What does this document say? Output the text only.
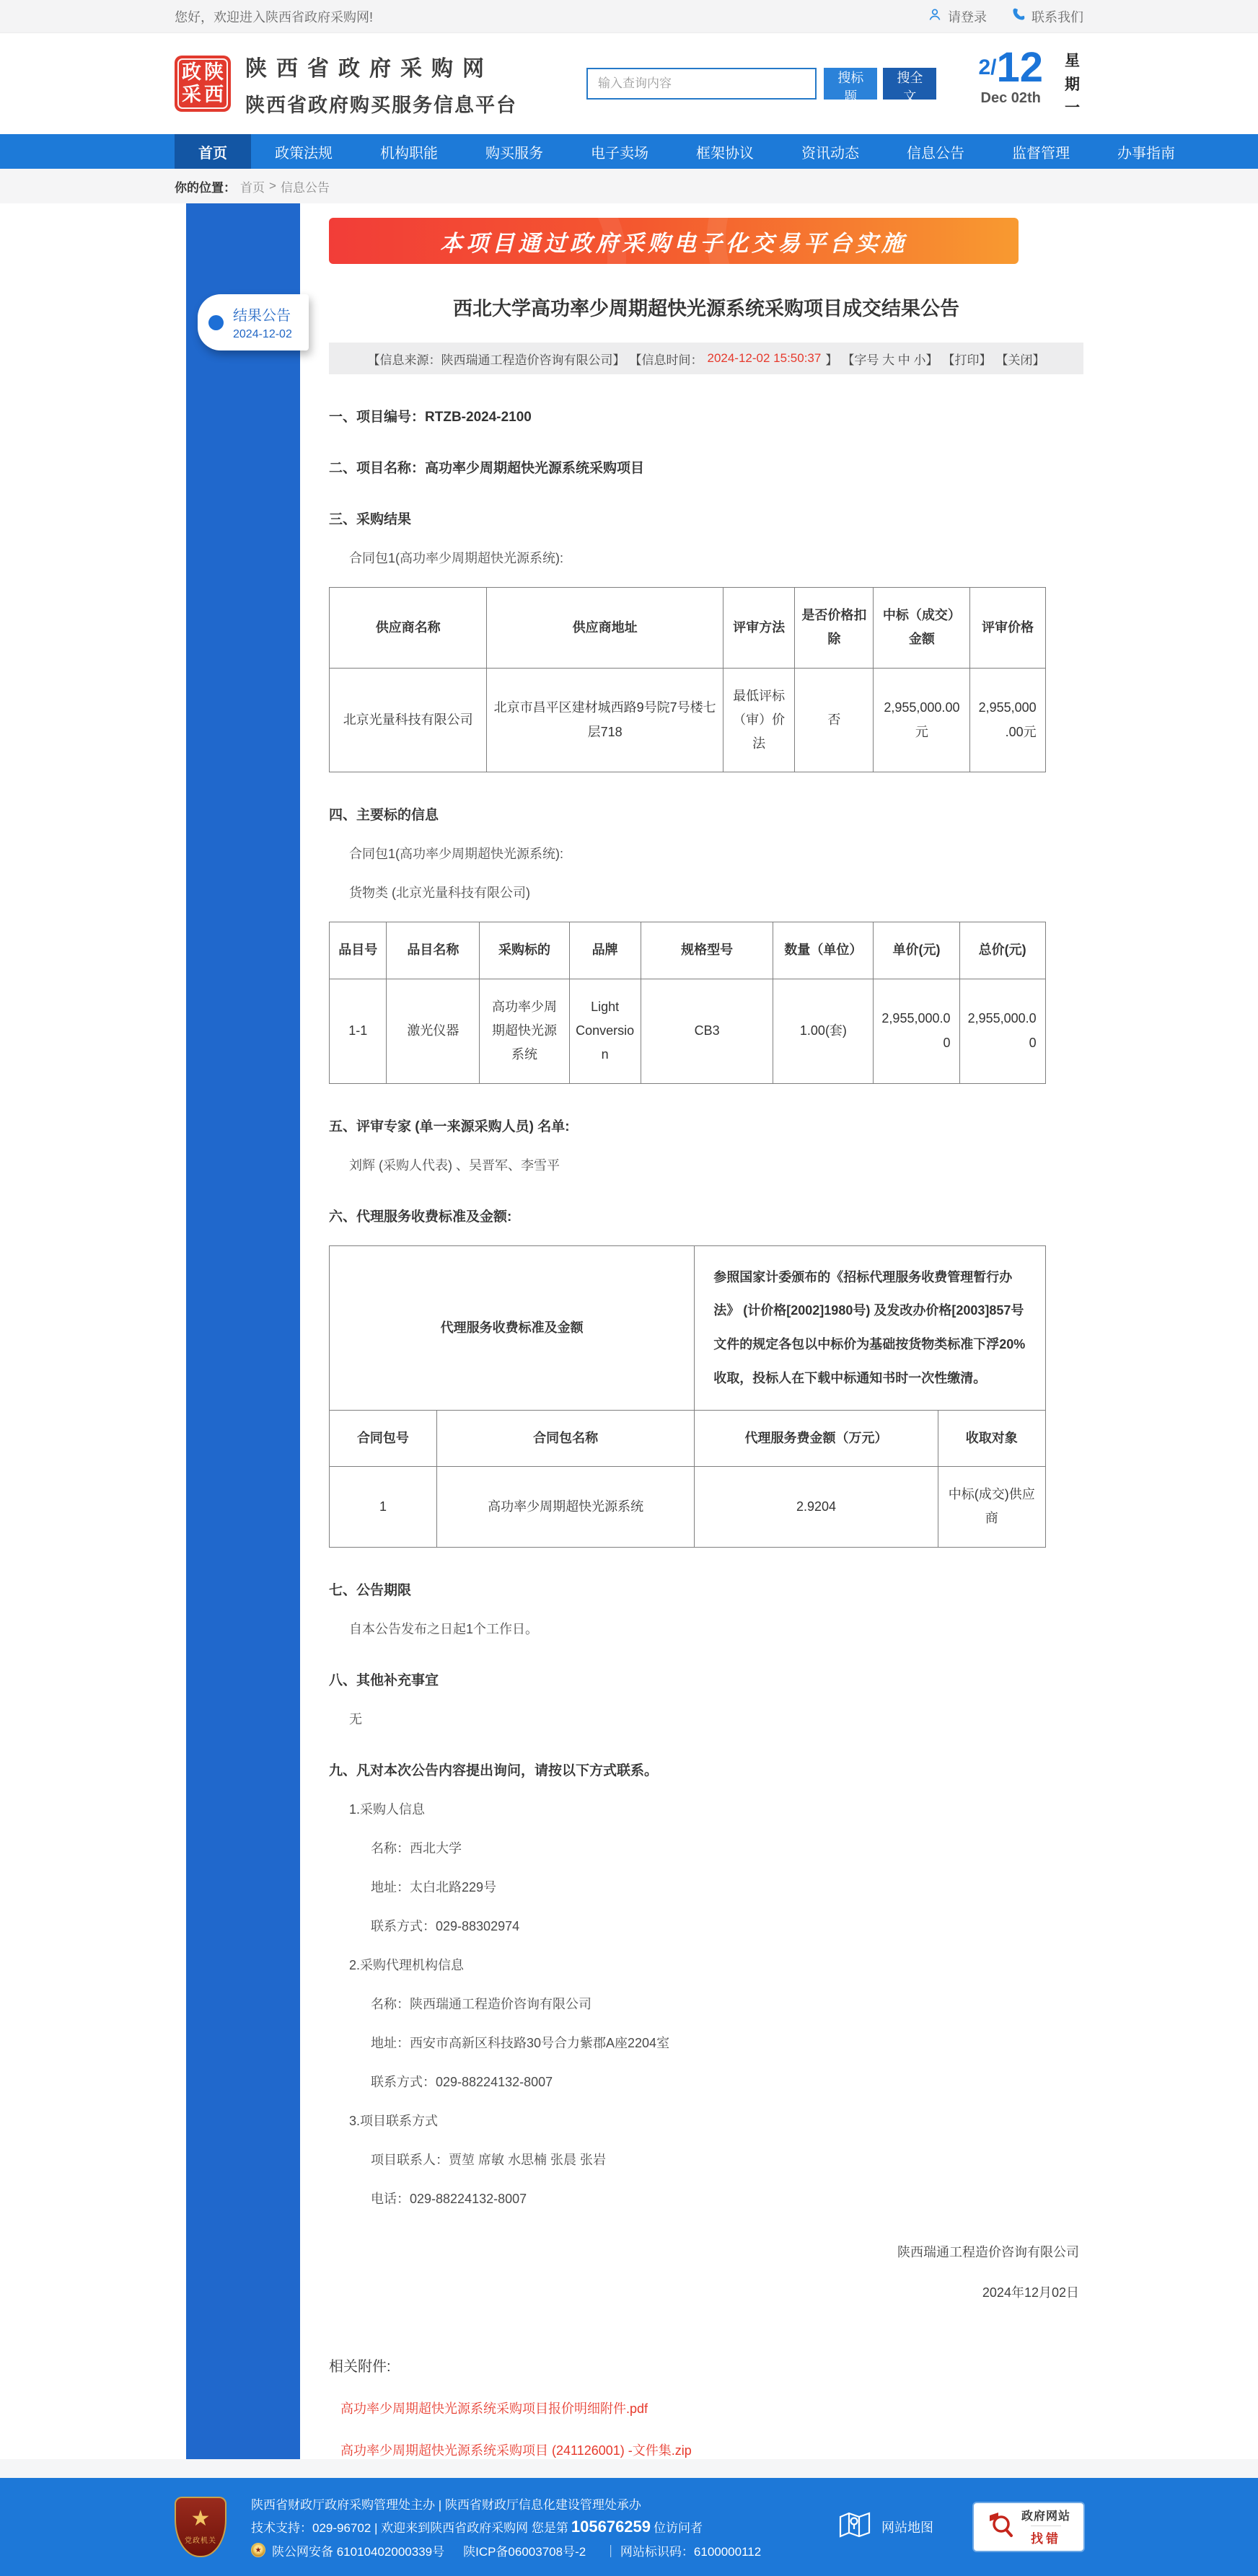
您好，欢迎进入陕西省政府采购网!	请登录	联系我们
政 陕
采 西
陕西省政府采购网
陕西省政府购买服务信息平台
输入查询内容
搜标题
搜全文
2/12
Dec 02th
星期一
首页	政策法规	机构职能	购买服务	电子卖场	框架协议	资讯动态	信息公告	监督管理	办事指南
你的位置： 首页 > 信息公告
结果公告
2024-12-02
本项目通过政府采购电子化交易平台实施
西北大学高功率少周期超快光源系统采购项目成交结果公告
【信息来源：陕西瑞通工程造价咨询有限公司】 【信息时间： 2024-12-02 15:50:37 】 【字号 大 中 小】 【打印】 【关闭】
一、项目编号：RTZB-2024-2100
二、项目名称：高功率少周期超快光源系统采购项目
三、采购结果
合同包1(高功率少周期超快光源系统):
供应商名称	供应商地址	评审方法	是否价格扣除	中标（成交）金额	评审价格
北京光量科技有限公司	北京市昌平区建材城西路9号院7号楼七层718	最低评标（审）价法	否	2,955,000.00元	2,955,000.00元
四、主要标的信息
合同包1(高功率少周期超快光源系统):
货物类 (北京光量科技有限公司)
品目号	品目名称	采购标的	品牌	规格型号	数量（单位）	单价(元)	总价(元)
1-1	激光仪器	高功率少周期超快光源系统	Light Conversion	CB3	1.00(套)	2,955,000.00	2,955,000.00
五、评审专家 (单一来源采购人员) 名单:
刘辉 (采购人代表) 、吴晋军、李雪平
六、代理服务收费标准及金额:
代理服务收费标准及金额		参照国家计委颁布的《招标代理服务收费管理暂行办法》 (计价格[2002]1980号) 及发改办价格[2003]857号文件的规定各包以中标价为基础按货物类标准下浮20%收取，投标人在下载中标通知书时一次性缴清。	
合同包号	合同包名称	代理服务费金额（万元）	收取对象
1	高功率少周期超快光源系统	2.9204	中标(成交)供应商
七、公告期限
自本公告发布之日起1个工作日。
八、其他补充事宜
无
九、凡对本次公告内容提出询问，请按以下方式联系。
1.采购人信息
名称：西北大学
地址：太白北路229号
联系方式：029-88302974
2.采购代理机构信息
名称：陕西瑞通工程造价咨询有限公司
地址：西安市高新区科技路30号合力紫郡A座2204室
联系方式：029-88224132-8007
3.项目联系方式
项目联系人：贾堃 席敏 水思楠 张晨 张岩
电话：029-88224132-8007
陕西瑞通工程造价咨询有限公司
2024年12月02日
相关附件:
高功率少周期超快光源系统采购项目报价明细附件.pdf
高功率少周期超快光源系统采购项目 (241126001) -文件集.zip
★
党政机关
陕西省财政厅政府采购管理处主办 | 陕西省财政厅信息化建设管理处承办
技术支持：029-96702 | 欢迎来到陕西省政府采购网 您是第 105676259 位访问者
★ 陕公网安备 61010402000339号 陕ICP备06003708号-2 ｜ 网站标识码：6100000112
网站地图
政府网站
找错
